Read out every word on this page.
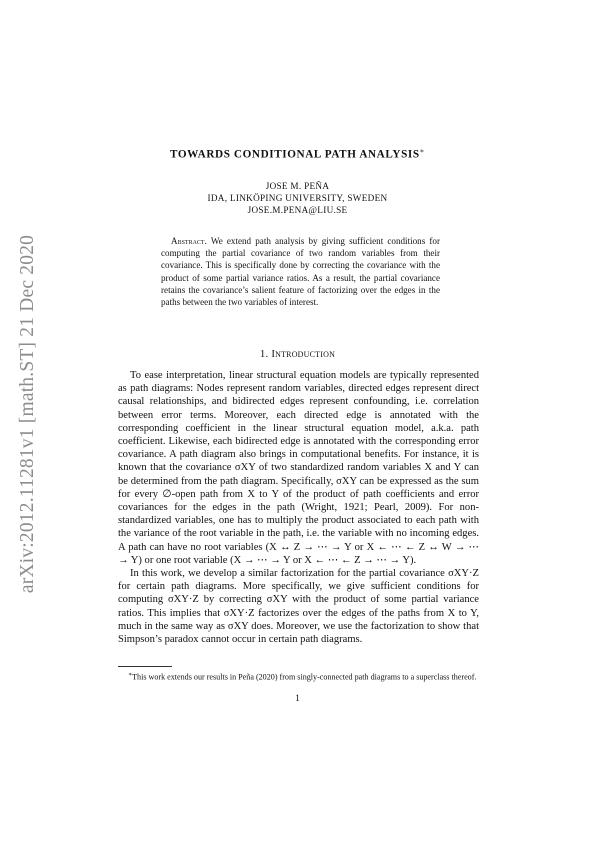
arXiv:2012.11281v1 [math.ST] 21 Dec 2020
TOWARDS CONDITIONAL PATH ANALYSIS∗
JOSE M. PEÑA
IDA, LINKÖPING UNIVERSITY, SWEDEN
JOSE.M.PENA@LIU.SE
Abstract. We extend path analysis by giving sufficient conditions for computing the partial covariance of two random variables from their covariance. This is specifically done by correcting the covariance with the product of some partial variance ratios. As a result, the partial covariance retains the covariance’s salient feature of factorizing over the edges in the paths between the two variables of interest.
1. Introduction

To ease interpretation, linear structural equation models are typically represented as path diagrams: Nodes represent random variables, directed edges represent direct causal relationships, and bidirected edges represent confounding, i.e. correlation between error terms. Moreover, each directed edge is annotated with the corresponding coefficient in the linear structural equation model, a.k.a. path coefficient. Likewise, each bidirected edge is annotated with the corresponding error covariance. A path diagram also brings in computational benefits. For instance, it is known that the covariance σXY of two standardized random variables X and Y can be determined from the path diagram. Specifically, σXY can be expressed as the sum for every ∅-open path from X to Y of the product of path coefficients and error covariances for the edges in the path (Wright, 1921; Pearl, 2009). For non-standardized variables, one has to multiply the product associated to each path with the variance of the root variable in the path, i.e. the variable with no incoming edges. A path can have no root variables (X ↔ Z → ⋯ → Y or X ← ⋯ ← Z ↔ W → ⋯ → Y) or one root variable (X → ⋯ → Y or X ← ⋯ ← Z → ⋯ → Y).

In this work, we develop a similar factorization for the partial covariance σXY·Z for certain path diagrams. More specifically, we give sufficient conditions for computing σXY·Z by correcting σXY with the product of some partial variance ratios. This implies that σXY·Z factorizes over the edges of the paths from X to Y, much in the same way as σXY does. Moreover, we use the factorization to show that Simpson’s paradox cannot occur in certain path diagrams.

∗This work extends our results in Peña (2020) from singly-connected path diagrams to a superclass thereof.
1
